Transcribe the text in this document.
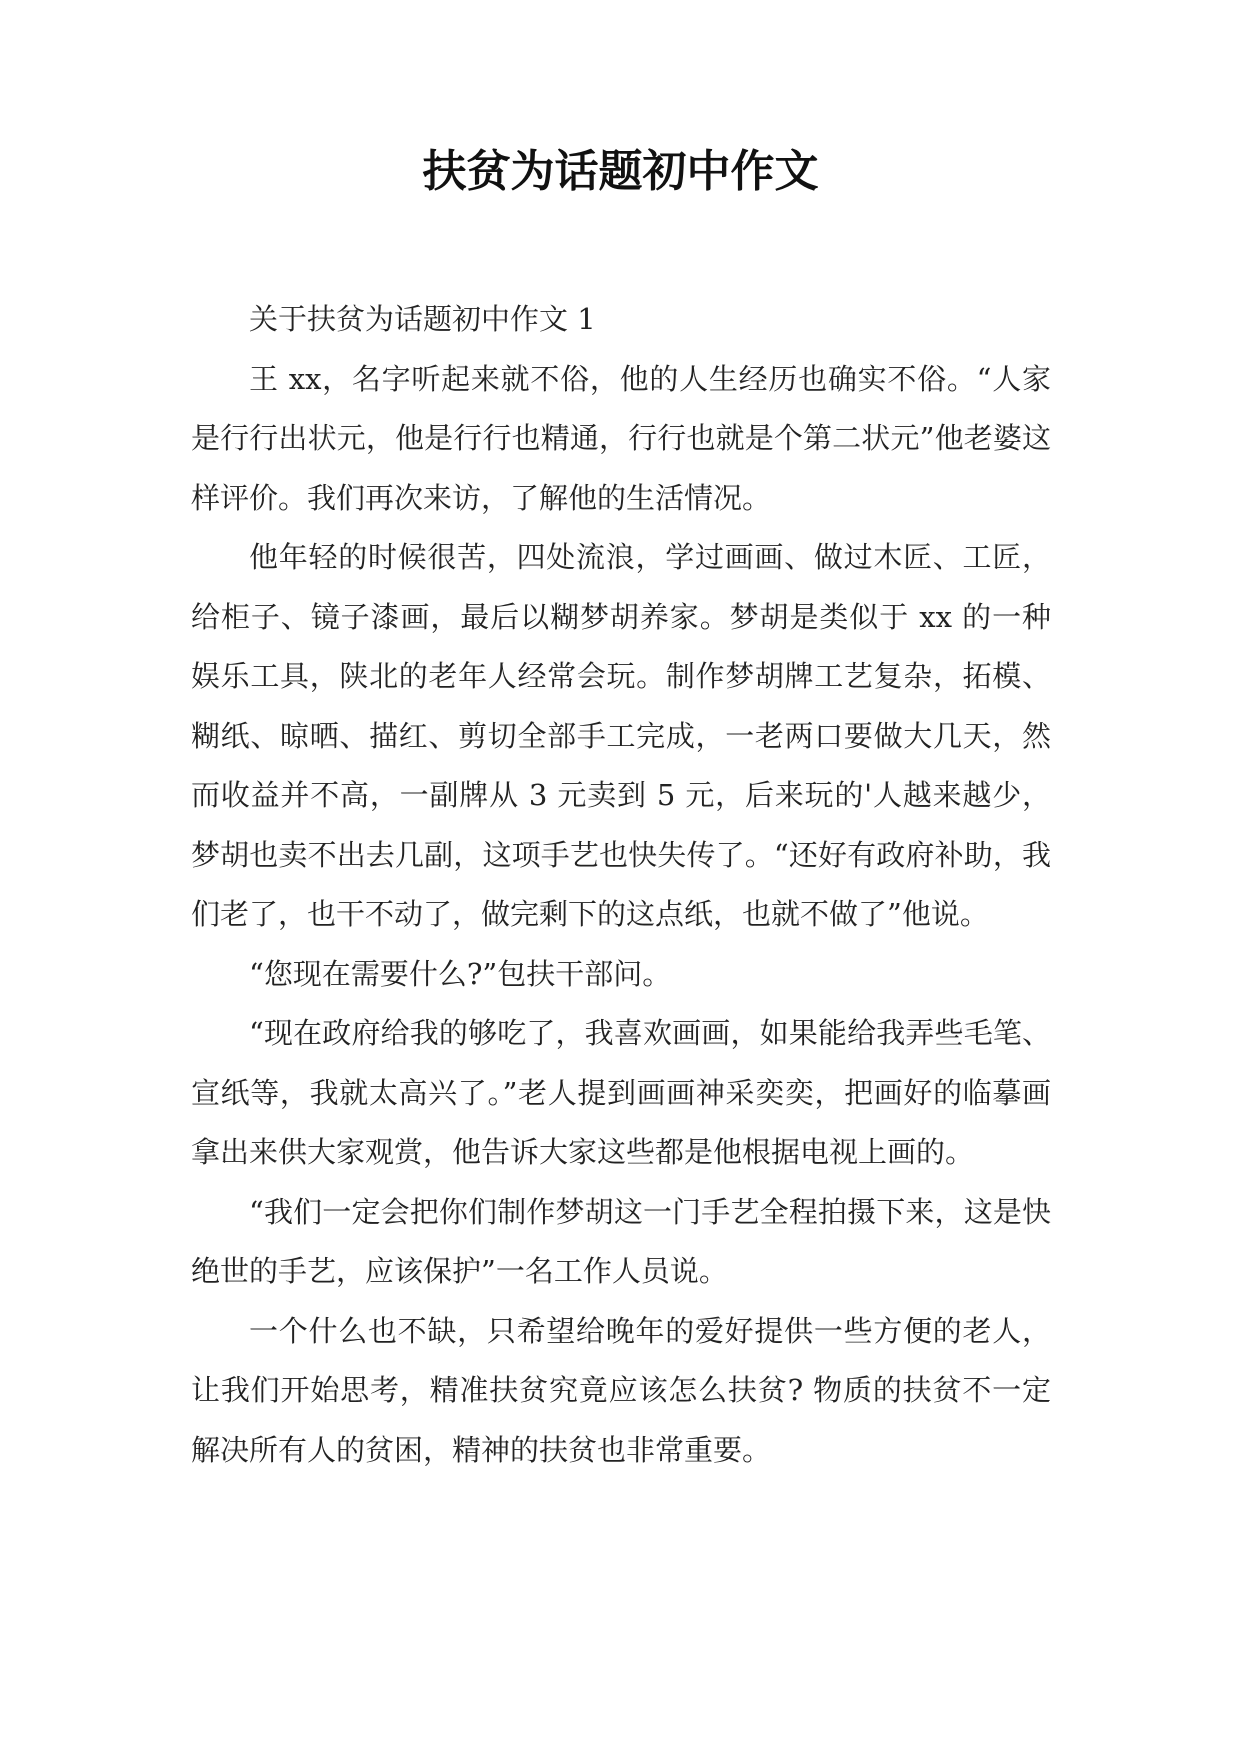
扶贫为话题初中作文

关于扶贫为话题初中作文 1

王 xx，名字听起来就不俗，他的人生经历也确实不俗。“人家是行行出状元，他是行行也精通，行行也就是个第二状元”他老婆这样评价。我们再次来访，了解他的生活情况。

他年轻的时候很苦，四处流浪，学过画画、做过木匠、工匠，给柜子、镜子漆画，最后以糊梦胡养家。梦胡是类似于 xx 的一种娱乐工具，陕北的老年人经常会玩。制作梦胡牌工艺复杂，拓模、糊纸、晾晒、描红、剪切全部手工完成，一老两口要做大几天，然而收益并不高，一副牌从 3 元卖到 5 元，后来玩的'人越来越少，梦胡也卖不出去几副，这项手艺也快失传了。“还好有政府补助，我们老了，也干不动了，做完剩下的这点纸，也就不做了”他说。

“您现在需要什么?”包扶干部问。

“现在政府给我的够吃了，我喜欢画画，如果能给我弄些毛笔、宣纸等，我就太高兴了。”老人提到画画神采奕奕，把画好的临摹画拿出来供大家观赏，他告诉大家这些都是他根据电视上画的。

“我们一定会把你们制作梦胡这一门手艺全程拍摄下来，这是快绝世的手艺，应该保护”一名工作人员说。

一个什么也不缺，只希望给晚年的爱好提供一些方便的老人，让我们开始思考，精准扶贫究竟应该怎么扶贫? 物质的扶贫不一定解决所有人的贫困，精神的扶贫也非常重要。
